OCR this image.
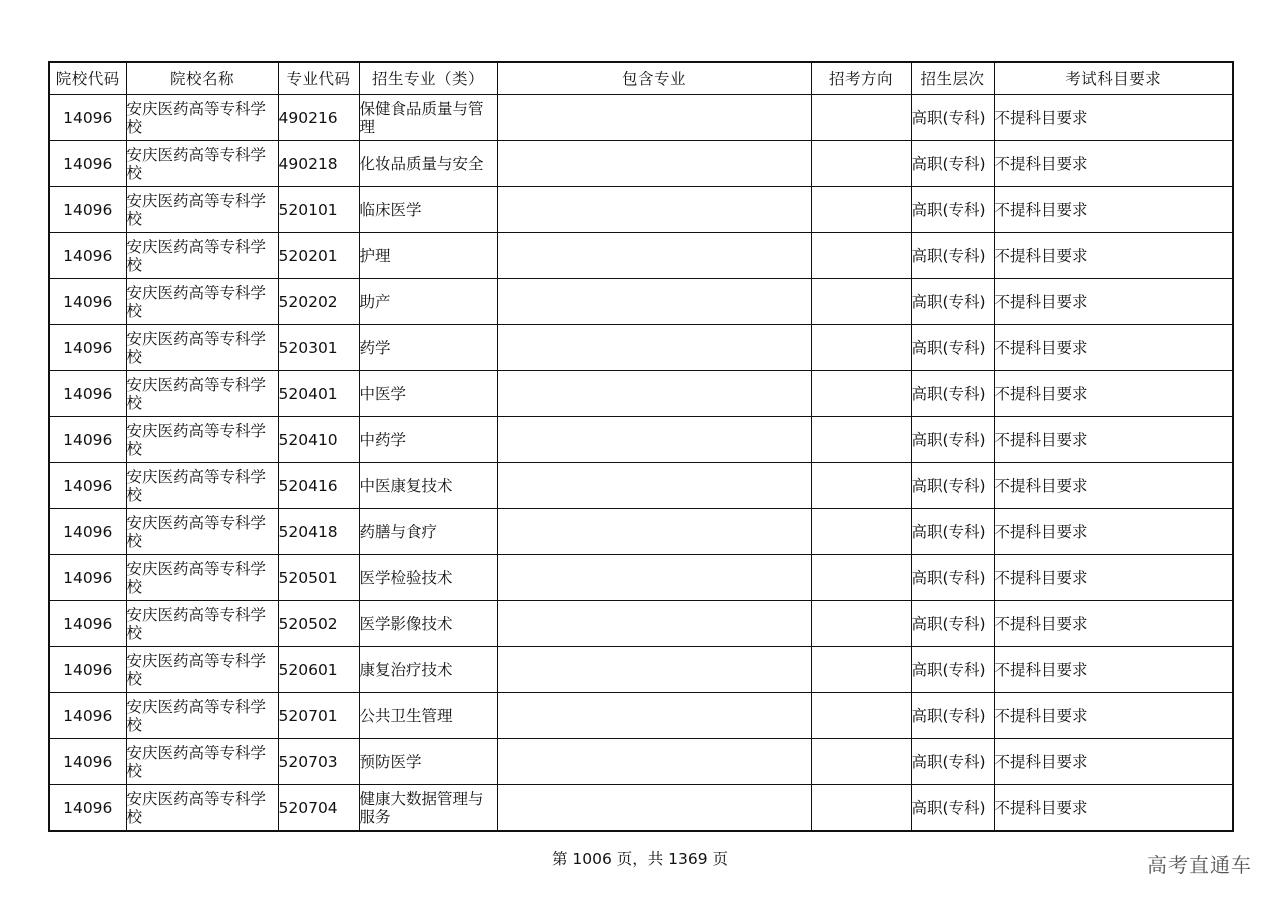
院校代码	院校名称	专业代码	招生专业（类）	包含专业	招考方向	招生层次	考试科目要求
14096	安庆医药高等专科学校	490216	保健食品质量与管理			高职(专科)	不提科目要求
14096	安庆医药高等专科学校	490218	化妆品质量与安全			高职(专科)	不提科目要求
14096	安庆医药高等专科学校	520101	临床医学			高职(专科)	不提科目要求
14096	安庆医药高等专科学校	520201	护理			高职(专科)	不提科目要求
14096	安庆医药高等专科学校	520202	助产			高职(专科)	不提科目要求
14096	安庆医药高等专科学校	520301	药学			高职(专科)	不提科目要求
14096	安庆医药高等专科学校	520401	中医学			高职(专科)	不提科目要求
14096	安庆医药高等专科学校	520410	中药学			高职(专科)	不提科目要求
14096	安庆医药高等专科学校	520416	中医康复技术			高职(专科)	不提科目要求
14096	安庆医药高等专科学校	520418	药膳与食疗			高职(专科)	不提科目要求
14096	安庆医药高等专科学校	520501	医学检验技术			高职(专科)	不提科目要求
14096	安庆医药高等专科学校	520502	医学影像技术			高职(专科)	不提科目要求
14096	安庆医药高等专科学校	520601	康复治疗技术			高职(专科)	不提科目要求
14096	安庆医药高等专科学校	520701	公共卫生管理			高职(专科)	不提科目要求
14096	安庆医药高等专科学校	520703	预防医学			高职(专科)	不提科目要求
14096	安庆医药高等专科学校	520704	健康大数据管理与服务			高职(专科)	不提科目要求
第 1006 页，共 1369 页	高考直通车
